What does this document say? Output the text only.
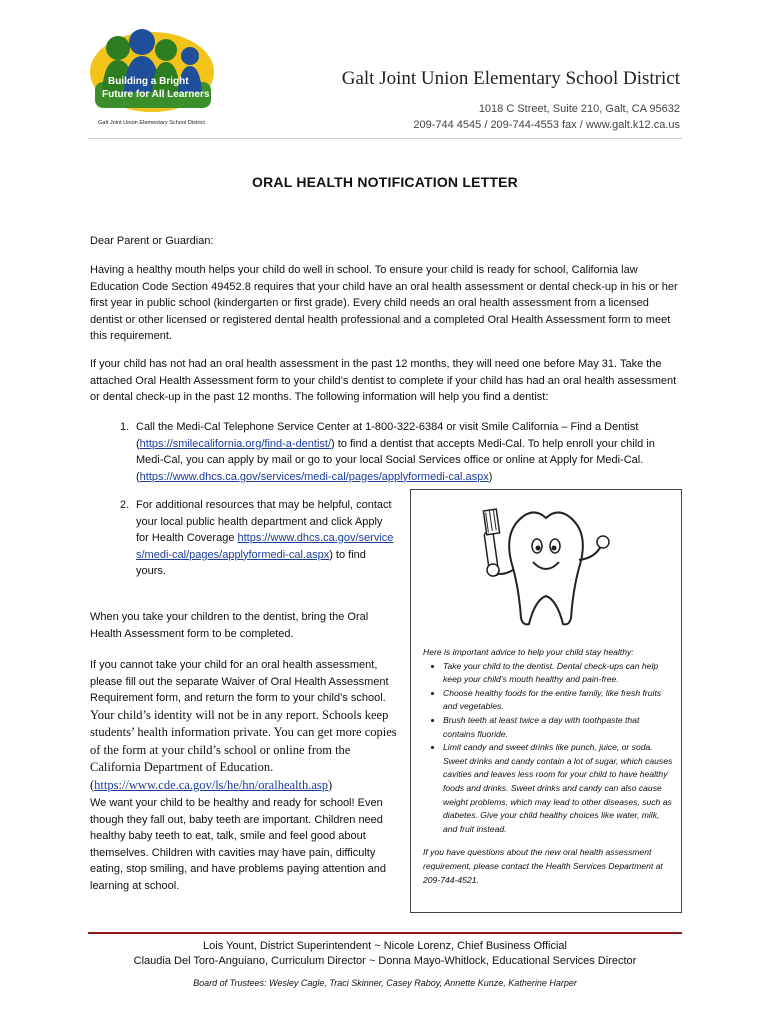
Building a Bright
Future for All Learners
Galt Joint Union Elementary School District
Galt Joint Union Elementary School District
1018 C Street, Suite 210, Galt, CA 95632
209-744 4545 / 209-744-4553 fax / www.galt.k12.ca.us
ORAL HEALTH NOTIFICATION LETTER
Dear Parent or Guardian:
Having a healthy mouth helps your child do well in school. To ensure your child is ready for school, California law Education Code Section 49452.8 requires that your child have an oral health assessment or dental check-up in his or her first year in public school (kindergarten or first grade). Every child needs an oral health assessment from a licensed dentist or other licensed or registered dental health professional and a completed Oral Health Assessment form to meet this requirement.
If your child has not had an oral health assessment in the past 12 months, they will need one before May 31. Take the attached Oral Health Assessment form to your child’s dentist to complete if your child has had an oral health assessment or dental check-up in the past 12 months. The following information will help you find a dentist:
1. Call the Medi-Cal Telephone Service Center at 1-800-322-6384 or visit Smile California – Find a Dentist (https://smilecalifornia.org/find-a-dentist/) to find a dentist that accepts Medi-Cal. To help enroll your child in Medi-Cal, you can apply by mail or go to your local Social Services office or online at Apply for Medi-Cal. (https://www.dhcs.ca.gov/services/medi-cal/pages/applyformedi-cal.aspx)
2. For additional resources that may be helpful, contact your local public health department and click Apply for Health Coverage https://www.dhcs.ca.gov/services/medi-cal/pages/applyformedi-cal.aspx) to find yours.
When you take your children to the dentist, bring the Oral Health Assessment form to be completed.
If you cannot take your child for an oral health assessment, please fill out the separate Waiver of Oral Health Assessment Requirement form, and return the form to your child’s school. Your child’s identity will not be in any report. Schools keep students’ health information private. You can get more copies of the form at your child’s school or online from the California Department of Education. (https://www.cde.ca.gov/ls/he/hn/oralhealth.asp)
We want your child to be healthy and ready for school! Even though they fall out, baby teeth are important. Children need healthy baby teeth to eat, talk, smile and feel good about themselves. Children with cavities may have pain, difficulty eating, stop smiling, and have problems paying attention and learning at school.
Here is important advice to help your child stay healthy:
• Take your child to the dentist. Dental check-ups can help keep your child’s mouth healthy and pain-free.
• Choose healthy foods for the entire family, like fresh fruits and vegetables.
• Brush teeth at least twice a day with toothpaste that contains fluoride.
• Limit candy and sweet drinks like punch, juice, or soda. Sweet drinks and candy contain a lot of sugar, which causes cavities and leaves less room for your child to have healthy foods and drinks. Sweet drinks and candy can also cause weight problems, which may lead to other diseases, such as diabetes. Give your child healthy choices like water, milk, and fruit instead.
If you have questions about the new oral health assessment requirement, please contact the Health Services Department at 209-744-4521.
Lois Yount, District Superintendent ~ Nicole Lorenz, Chief Business Official
Claudia Del Toro-Anguiano, Curriculum Director ~ Donna Mayo-Whitlock, Educational Services Director
Board of Trustees: Wesley Cagle, Traci Skinner, Casey Raboy, Annette Kunze, Katherine Harper
